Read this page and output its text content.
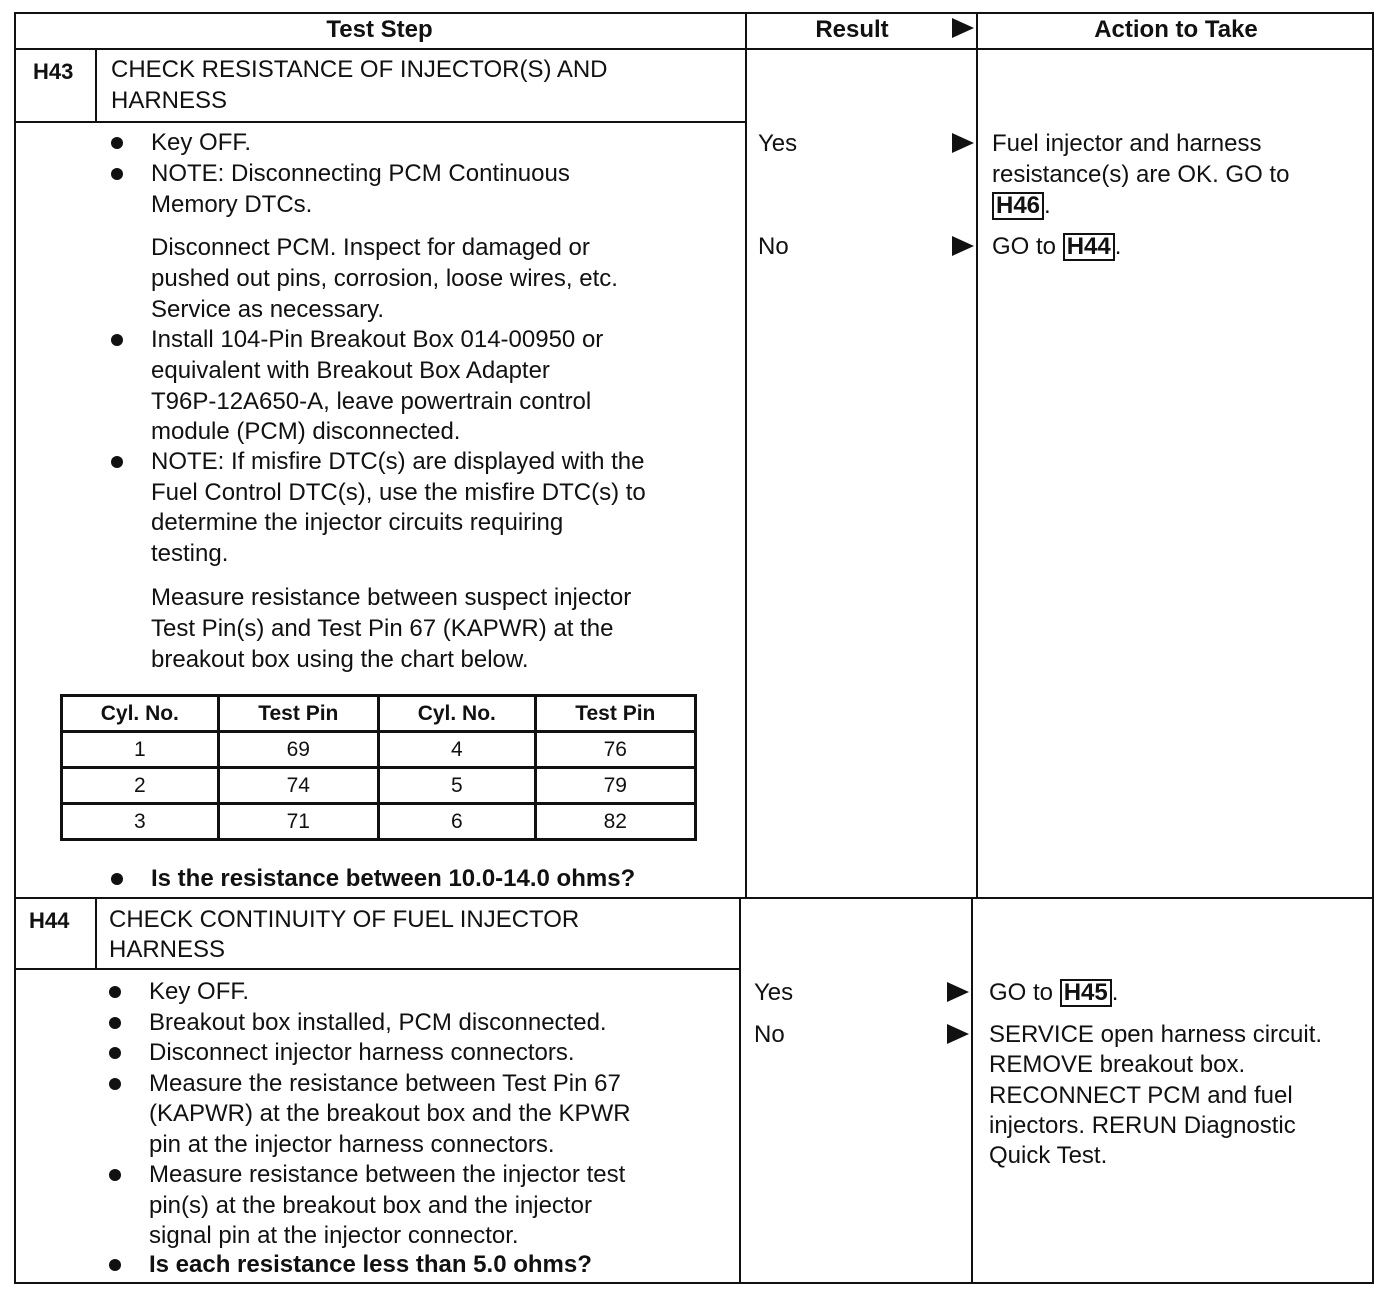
Test Step	Result	Action to Take
H43 CHECK RESISTANCE OF INJECTOR(S) AND
HARNESS
Key OFF.
NOTE: Disconnecting PCM Continuous
Memory DTCs.
Disconnect PCM. Inspect for damaged or
pushed out pins, corrosion, loose wires, etc.
Service as necessary.
Install 104-Pin Breakout Box 014-00950 or
equivalent with Breakout Box Adapter
T96P-12A650-A, leave powertrain control
module (PCM) disconnected.
NOTE: If misfire DTC(s) are displayed with the
Fuel Control DTC(s), use the misfire DTC(s) to
determine the injector circuits requiring
testing.
Measure resistance between suspect injector
Test Pin(s) and Test Pin 67 (KAPWR) at the
breakout box using the chart below.
Cyl. No.	Test Pin	Cyl. No.	Test Pin
1	69	4	76
2	74	5	79
3	71	6	82
Is the resistance between 10.0-14.0 ohms?
Yes	Fuel injector and harness
resistance(s) are OK. GO to
H46 .
No	GO to H44 .
H44 CHECK CONTINUITY OF FUEL INJECTOR
HARNESS
Key OFF.
Breakout box installed, PCM disconnected.
Disconnect injector harness connectors.
Measure the resistance between Test Pin 67
(KAPWR) at the breakout box and the KPWR
pin at the injector harness connectors.
Measure resistance between the injector test
pin(s) at the breakout box and the injector
signal pin at the injector connector.
Is each resistance less than 5.0 ohms?
Yes	GO to H45 .
No	SERVICE open harness circuit.
REMOVE breakout box.
RECONNECT PCM and fuel
injectors. RERUN Diagnostic
Quick Test.
